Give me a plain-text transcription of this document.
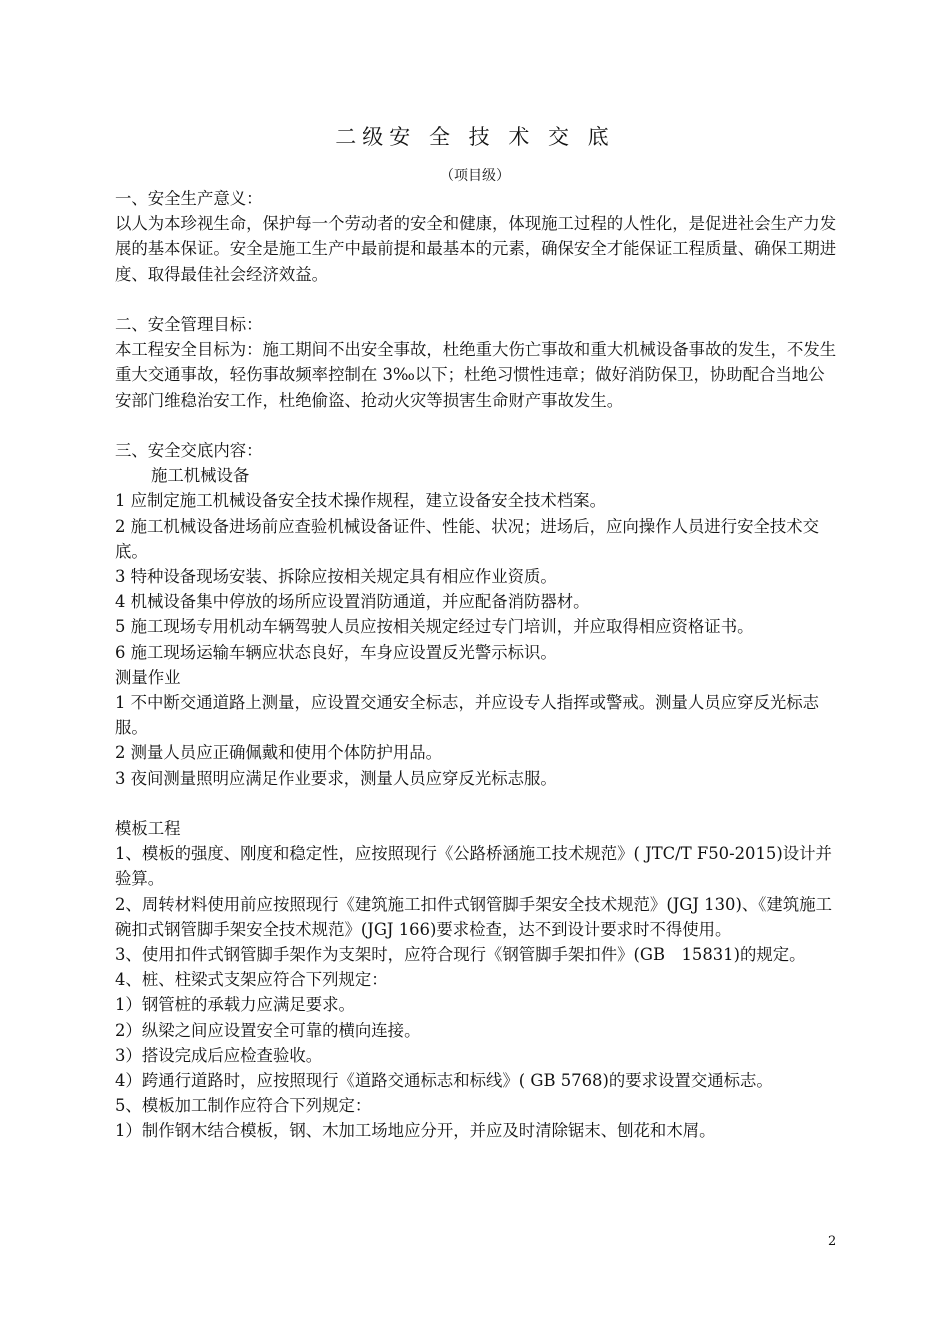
二级安 全 技 术 交 底
（项目级）

一、安全生产意义：

以人为本珍视生命，保护每一个劳动者的安全和健康，体现施工过程的人性化，是促进社会生产力发展的基本保证。安全是施工生产中最前提和最基本的元素，确保安全才能保证工程质量、确保工期进度、取得最佳社会经济效益。

二、安全管理目标：

本工程安全目标为：施工期间不出安全事故，杜绝重大伤亡事故和重大机械设备事故的发生，不发生重大交通事故，轻伤事故频率控制在 3‰以下；杜绝习惯性违章；做好消防保卫，协助配合当地公安部门维稳治安工作，杜绝偷盗、抢动火灾等损害生命财产事故发生。

三、安全交底内容：

施工机械设备

1 应制定施工机械设备安全技术操作规程，建立设备安全技术档案。

2 施工机械设备进场前应查验机械设备证件、性能、状况；进场后，应向操作人员进行安全技术交底。

3 特种设备现场安装、拆除应按相关规定具有相应作业资质。

4 机械设备集中停放的场所应设置消防通道，并应配备消防器材。

5 施工现场专用机动车辆驾驶人员应按相关规定经过专门培训，并应取得相应资格证书。

6 施工现场运输车辆应状态良好，车身应设置反光警示标识。

测量作业

1 不中断交通道路上测量，应设置交通安全标志，并应设专人指挥或警戒。测量人员应穿反光标志服。

2 测量人员应正确佩戴和使用个体防护用品。

3 夜间测量照明应满足作业要求，测量人员应穿反光标志服。

模板工程

1、模板的强度、刚度和稳定性，应按照现行《公路桥涵施工技术规范》( JTC/T F50-2015)设计并验算。

2、周转材料使用前应按照现行《建筑施工扣件式钢管脚手架安全技术规范》(JGJ 130)、《建筑施工碗扣式钢管脚手架安全技术规范》(JGJ 166)要求检查，达不到设计要求时不得使用。

3、使用扣件式钢管脚手架作为支架时，应符合现行《钢管脚手架扣件》(GB　15831)的规定。

4、桩、柱梁式支架应符合下列规定：

1）钢管桩的承载力应满足要求。

2）纵梁之间应设置安全可靠的横向连接。

3）搭设完成后应检查验收。

4）跨通行道路时，应按照现行《道路交通标志和标线》( GB 5768)的要求设置交通标志。

5、模板加工制作应符合下列规定：

1）制作钢木结合模板，钢、木加工场地应分开，并应及时清除锯末、刨花和木屑。

2
